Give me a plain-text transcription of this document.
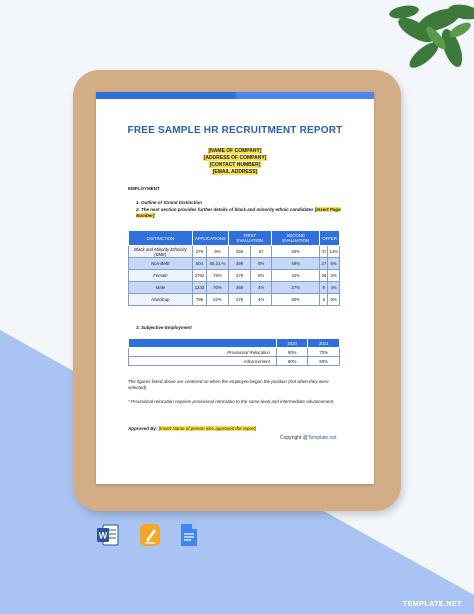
FREE SAMPLE HR RECRUITMENT REPORT
[NAME OF COMPANY]
[ADDRESS OF COMPANY]
[CONTACT NUMBER]
[EMAIL ADDRESS]
EMPLOYMENT
1. Outline of Strand Distinction
2. The next section provides further details of black and minority ethnic candidates [Insert Page Number]
DISTINCTION	APPLICATIONS		FIRST EVALUATION		SECOND EVALUATION	OFFER	
Black and Minority Ethnicity (BME)	278	9%	259	57	25%	37	14%
Non-BME	504	56.21 %	299	5%	49%	27	6%
Female	2782	78%	278	8%	34%	28	2%
Male	1243	70%	268	4%	27%	9	4%
Handicap	789	62%	278	4%	80%	5	6%
3. Subjective Employment
	2020	2021
Provisional Relocation	90%	70%
Advancement	60%	60%
The figures listed above are centered on when the employee began the position (not when they were selected).
* Provisional relocation requires provisional relocation to the same level and intermediate advancement.
Approved By: [Insert Name of person who approved the report]
Copyright @Template.net
W
TEMPLATE.NET
